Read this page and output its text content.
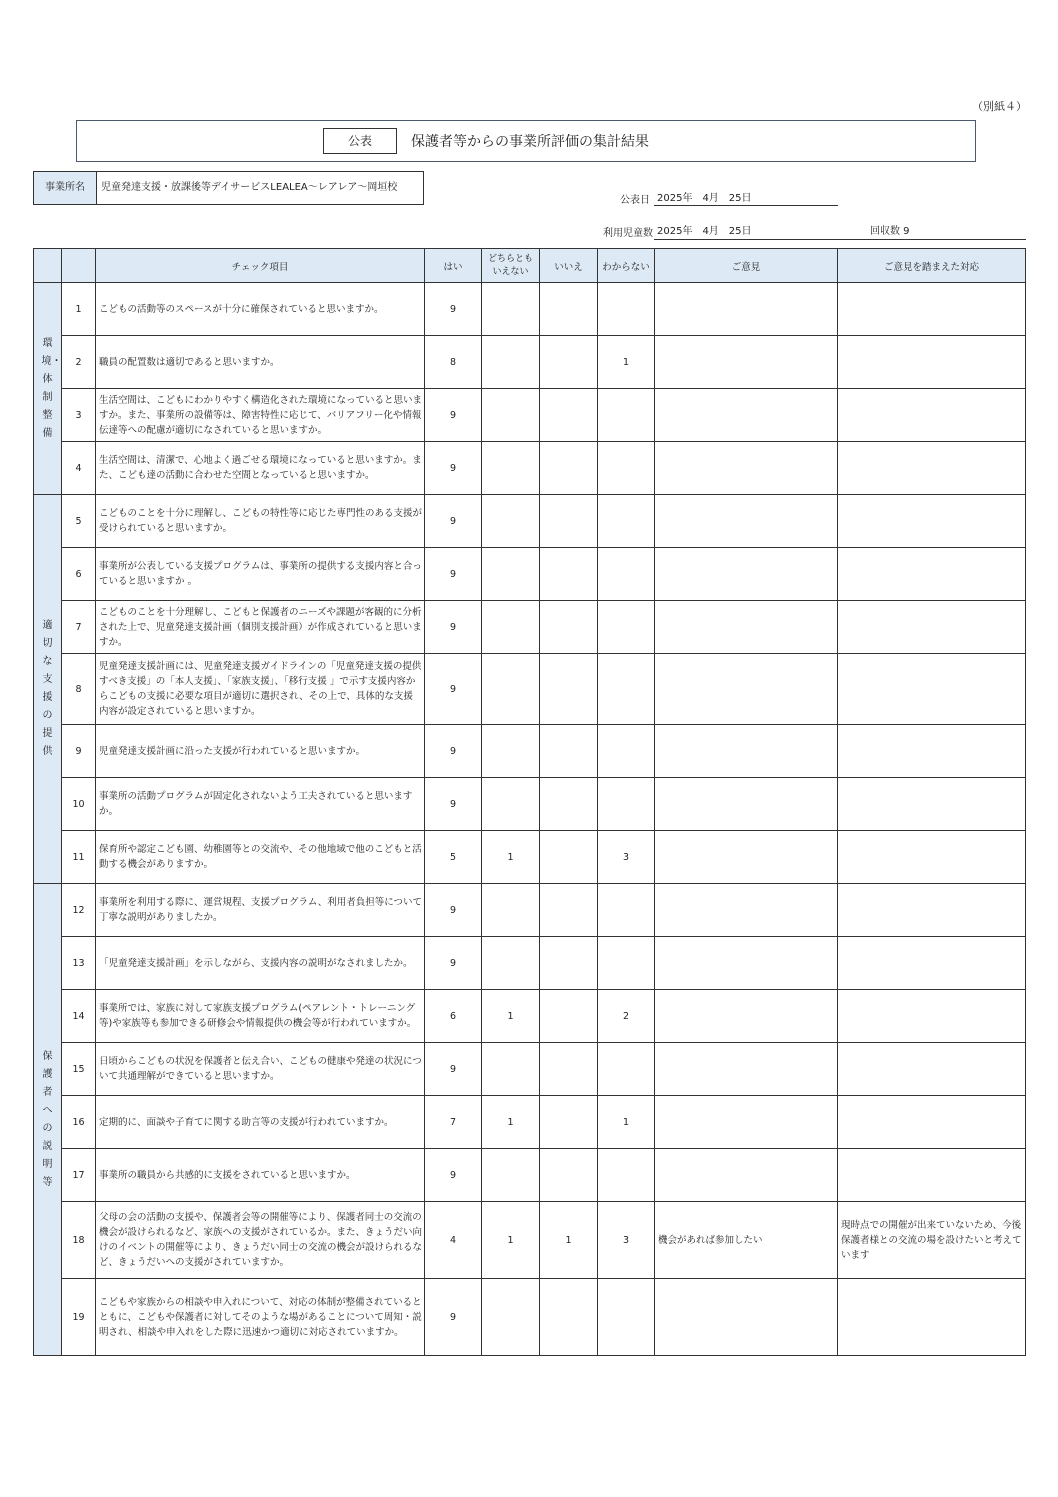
（別紙４）
公表	保護者等からの事業所評価の集計結果
事業所名	児童発達支援・放課後等デイサービスLEALEA～レアレア～岡垣校
公表日 2025年　4月　25日
利用児童数 2025年　4月　25日	回収数 9
		チェック項目	はい	どちらともいえない	いいえ	わからない	ご意見	ご意見を踏まえた対応
環境・体制整備	1	こどもの活動等のスペースが十分に確保されていると思いますか。	9					
	2	職員の配置数は適切であると思いますか。	8			1		
	3	生活空間は、こどもにわかりやすく構造化された環境になっていると思いますか。また、事業所の設備等は、障害特性に応じて、バリアフリー化や情報伝達等への配慮が適切になされていると思いますか。	9					
	4	生活空間は、清潔で、心地よく過ごせる環境になっていると思いますか。また、こども達の活動に合わせた空間となっていると思いますか。	9					
適切な支援の提供	5	こどものことを十分に理解し、こどもの特性等に応じた専門性のある支援が受けられていると思いますか。	9					
	6	事業所が公表している支援プログラムは、事業所の提供する支援内容と合っていると思いますか 。	9					
	7	こどものことを十分理解し、こどもと保護者のニーズや課題が客観的に分析された上で、児童発達支援計画（個別支援計画）が作成されていると思いますか。	9					
	8	児童発達支援計画には、児童発達支援ガイドラインの「児童発達支援の提供すべき支援」の「本人支援」、「家族支援」、「移行支援 」で示す支援内容からこどもの支援に必要な項目が適切に選択され、その上で、具体的な支援内容が設定されていると思いますか。	9					
	9	児童発達支援計画に沿った支援が行われていると思いますか。	9					
	10	事業所の活動プログラムが固定化されないよう工夫されていると思いますか。	9					
	11	保育所や認定こども園、幼稚園等との交流や、その他地域で他のこどもと活動する機会がありますか。	5	1		3		
保護者への説明等	12	事業所を利用する際に、運営規程、支援プログラム、利用者負担等について丁寧な説明がありましたか。	9					
	13	「児童発達支援計画」を示しながら、支援内容の説明がなされましたか。	9					
	14	事業所では、家族に対して家族支援プログラム(ペアレント・トレーニング等)や家族等も参加できる研修会や情報提供の機会等が行われていますか。	6	1		2		
	15	日頃からこどもの状況を保護者と伝え合い、こどもの健康や発達の状況について共通理解ができていると思いますか。	9					
	16	定期的に、面談や子育てに関する助言等の支援が行われていますか。	7	1		1		
	17	事業所の職員から共感的に支援をされていると思いますか。	9					
	18	父母の会の活動の支援や、保護者会等の開催等により、保護者同士の交流の機会が設けられるなど、家族への支援がされているか。また、きょうだい向けのイベントの開催等により、きょうだい同士の交流の機会が設けられるなど、きょうだいへの支援がされていますか。	4	1	1	3	機会があれば参加したい	現時点での開催が出来ていないため、今後保護者様との交流の場を設けたいと考えています
	19	こどもや家族からの相談や申入れについて、対応の体制が整備されているとともに、こどもや保護者に対してそのような場があることについて周知・説明され、相談や申入れをした際に迅速かつ適切に対応されていますか。	9					
